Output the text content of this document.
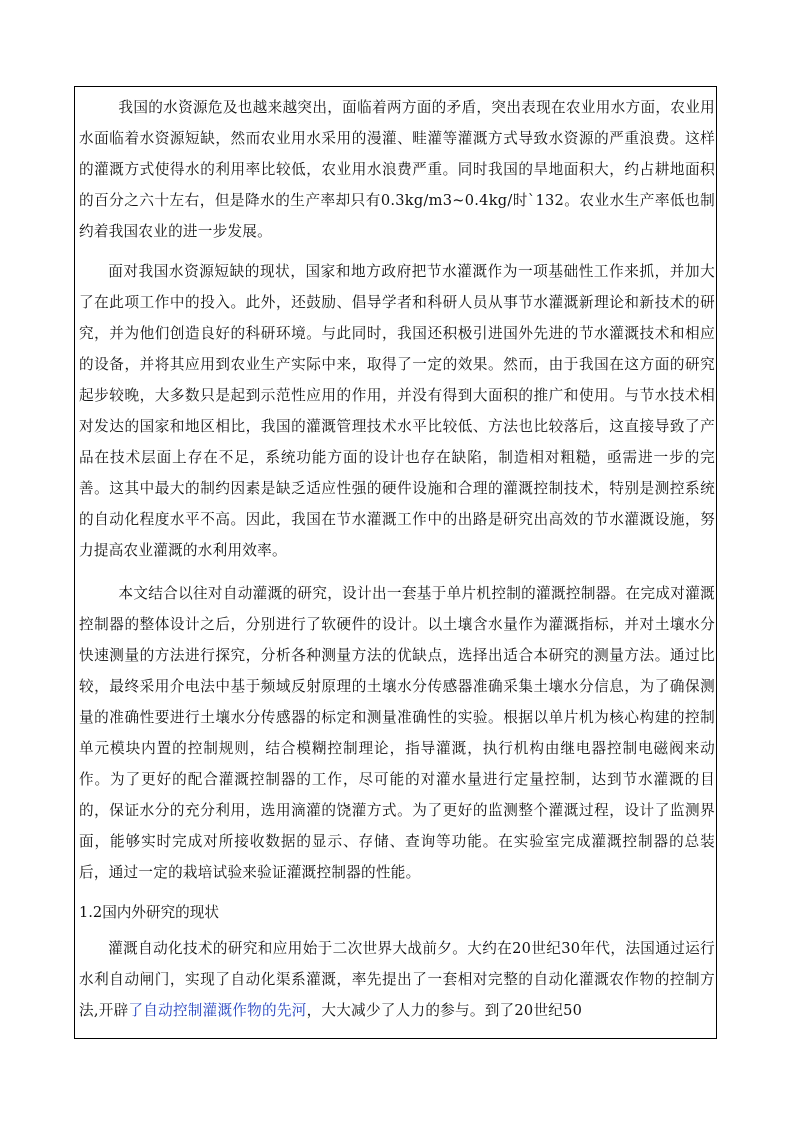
我国的水资源危及也越来越突出，面临着两方面的矛盾，突出表现在农业用水方面，农业用水面临着水资源短缺，然而农业用水采用的漫灌、畦灌等灌溉方式导致水资源的严重浪费。这样的灌溉方式使得水的利用率比较低，农业用水浪费严重。同时我国的旱地面积大，约占耕地面积的百分之六十左右，但是降水的生产率却只有0.3kg/m3~0.4kg/时`132。农业水生产率低也制约着我国农业的进一步发展。

面对我国水资源短缺的现状，国家和地方政府把节水灌溉作为一项基础性工作来抓，并加大了在此项工作中的投入。此外，还鼓励、倡导学者和科研人员从事节水灌溉新理论和新技术的研究，并为他们创造良好的科研环境。与此同时，我国还积极引进国外先进的节水灌溉技术和相应的设备，并将其应用到农业生产实际中来，取得了一定的效果。然而，由于我国在这方面的研究起步较晚，大多数只是起到示范性应用的作用，并没有得到大面积的推广和使用。与节水技术相对发达的国家和地区相比，我国的灌溉管理技术水平比较低、方法也比较落后，这直接导致了产品在技术层面上存在不足，系统功能方面的设计也存在缺陷，制造相对粗糙，亟需进一步的完善。这其中最大的制约因素是缺乏适应性强的硬件设施和合理的灌溉控制技术，特别是测控系统的自动化程度水平不高。因此，我国在节水灌溉工作中的出路是研究出高效的节水灌溉设施，努力提高农业灌溉的水利用效率。

本文结合以往对自动灌溉的研究，设计出一套基于单片机控制的灌溉控制器。在完成对灌溉控制器的整体设计之后，分别进行了软硬件的设计。以土壤含水量作为灌溉指标，并对土壤水分快速测量的方法进行探究，分析各种测量方法的优缺点，选择出适合本研究的测量方法。通过比较，最终采用介电法中基于频域反射原理的土壤水分传感器准确采集土壤水分信息，为了确保测量的准确性要进行土壤水分传感器的标定和测量准确性的实验。根据以单片机为核心构建的控制单元模块内置的控制规则，结合模糊控制理论，指导灌溉，执行机构由继电器控制电磁阀来动作。为了更好的配合灌溉控制器的工作，尽可能的对灌水量进行定量控制，达到节水灌溉的目的，保证水分的充分利用，选用滴灌的饶灌方式。为了更好的监测整个灌溉过程，设计了监测界面，能够实时完成对所接收数据的显示、存储、查询等功能。在实验室完成灌溉控制器的总装后，通过一定的栽培试验来验证灌溉控制器的性能。

1.2国内外研究的现状

灌溉自动化技术的研究和应用始于二次世界大战前夕。大约在20世纪30年代，法国通过运行水利自动闸门，实现了自动化渠系灌溉，率先提出了一套相对完整的自动化灌溉农作物的控制方法,开辟了自动控制灌溉作物的先河，大大减少了人力的参与。到了20世纪50
